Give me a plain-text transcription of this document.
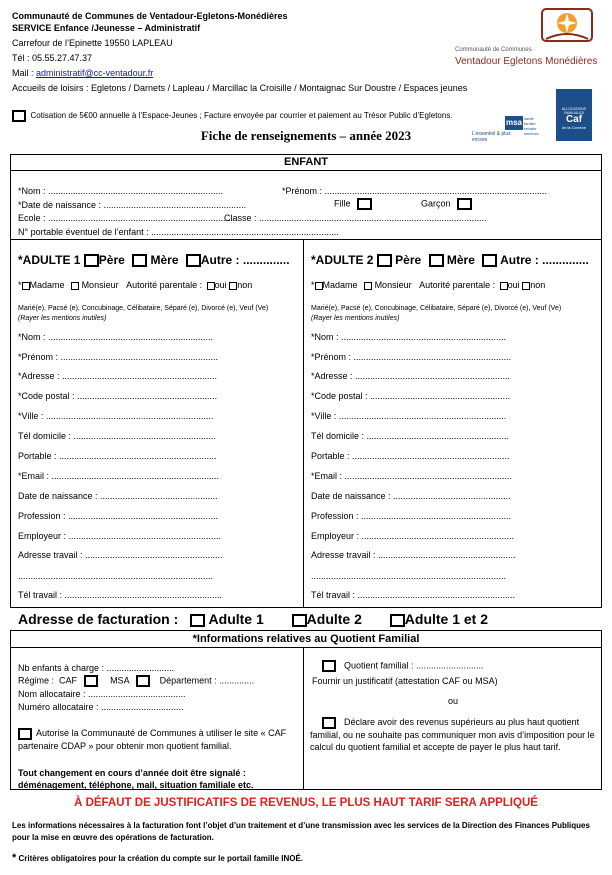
Communauté de Communes de Ventadour-Egletons-Monédières
SERVICE Enfance /Jeunesse – Administratif
Carrefour de l’Epinette 19550 LAPLEAU
Tél : 05.55.27.47.37
Mail : administratif@cc-ventadour.fr
Accueils de loisirs : Egletons / Darnets / Lapleau / Marcillac la Croisille / Montaignac Sur Doustre / Espaces jeunes
Communauté de Communes
Ventadour Egletons Monédières
msa santé famille retraite services
L’essentiel & plus encore
ALLOCATIONS FAMILIALES
Caf
de la Corrèze
Cotisation de 5€00 annuelle à l’Espace-Jeunes ; Facture envoyée par courrier et paiement au Trésor Public d’Egletons.
Fiche de renseignements – année 2023
ENFANT
*Nom : ......................................................................	*Prénom : .........................................................................................
*Date de naissance : .........................................................	Fille	Garçon
Ecole : ..........................................................................
Classe : ...........................................................................................
N° portable éventuel de l’enfant : ...........................................................................
*ADULTE 1 Père Mère Autre : ..............
* Madame Monsieur Autorité parentale : oui non
Marié(e), Pacsé (e), Concubinage, Célibataire, Séparé (e), Divorcé (e), Veuf (Ve)
(Rayer les mentions inutiles)
*Nom : ..................................................................
*Prénom : ...............................................................
*Adresse : ..............................................................
*Code postal : ........................................................
*Ville : ...................................................................
Tél domicile : .........................................................
Portable : ...............................................................
*Email : ...................................................................
Date de naissance : ...............................................
Profession : ............................................................
Employeur : .............................................................
Adresse travail : .......................................................
..............................................................................
Tél travail : ...............................................................
*ADULTE 2 Père Mère Autre : ..............
* Madame Monsieur Autorité parentale : oui non
Marié(e), Pacsé (e), Concubinage, Célibataire, Séparé (e), Divorcé (e), Veuf (Ve)
(Rayer les mentions inutiles)
*Nom : ..................................................................
*Prénom : ...............................................................
*Adresse : ..............................................................
*Code postal : ........................................................
*Ville : ...................................................................
Tél domicile : .........................................................
Portable : ...............................................................
*Email : ...................................................................
Date de naissance : ...............................................
Profession : ............................................................
Employeur : .............................................................
Adresse travail : .......................................................
..............................................................................
Tél travail : ...............................................................
Adresse de facturation : Adulte 1	Adulte 2	Adulte 1 et 2
*Informations relatives au Quotient Familial
Nb enfants à charge : ...........................
Régime : CAF	MSA	Département : ..............
Nom allocataire : .......................................
Numéro allocataire : .................................
Autorise la Communauté de Communes à utiliser le site « CAF partenaire CDAP » pour obtenir mon quotient familial.
Tout changement en cours d’année doit être signalé : déménagement, téléphone, mail, situation familiale etc.
Quotient familial : ...........................
Fournir un justificatif (attestation CAF ou MSA)
ou
Déclare avoir des revenus supérieurs au plus haut quotient familial, ou ne souhaite pas communiquer mon avis d’imposition pour le calcul du quotient familial et accepte de payer le plus haut tarif.
À DÉFAUT DE JUSTIFICATIFS DE REVENUS, LE PLUS HAUT TARIF SERA APPLIQUÉ
Les informations nécessaires à la facturation font l’objet d’un traitement et d’une transmission avec les services de la Direction des Finances Publiques pour la mise en œuvre des opérations de facturation.
* Critères obligatoires pour la création du compte sur le portail famille INOÉ.
